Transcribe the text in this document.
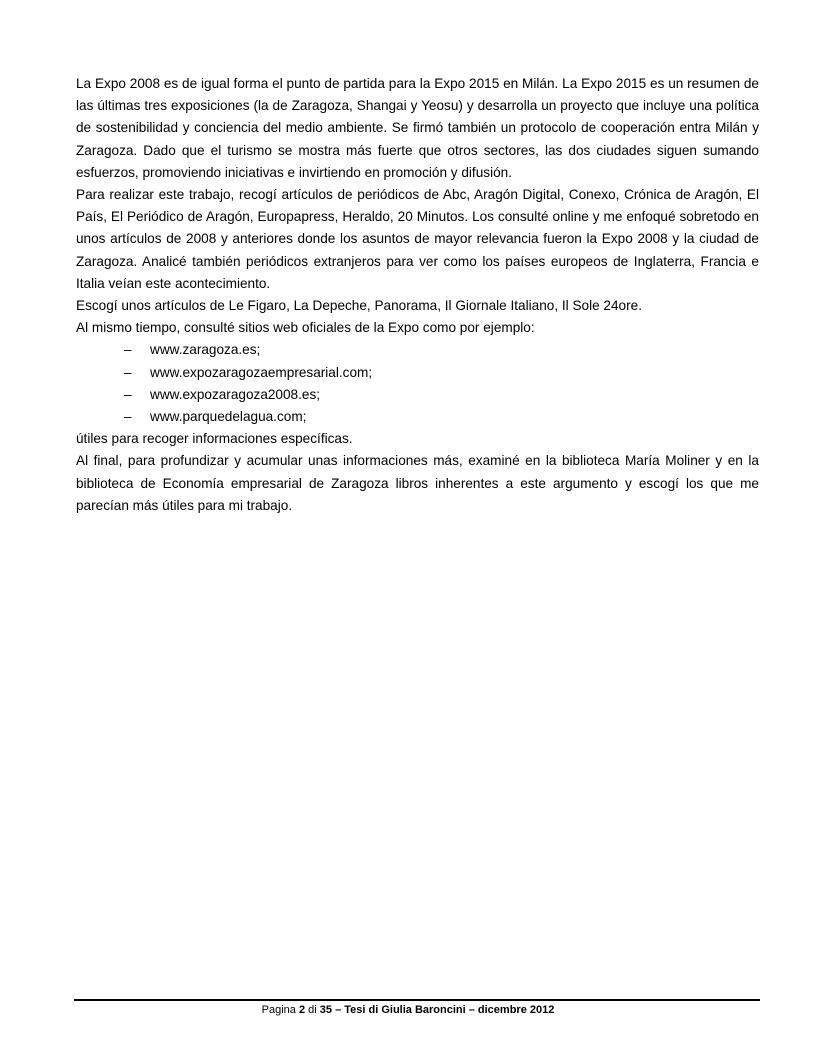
La Expo 2008 es de igual forma el punto de partida para la Expo 2015 en Milán. La Expo 2015 es un resumen de las últimas tres exposiciones (la de Zaragoza, Shangai y Yeosu) y desarrolla un proyecto que incluye una política de sostenibilidad y conciencia del medio ambiente. Se firmó también un protocolo de cooperación entra Milán y Zaragoza. Dado que el turismo se mostra más fuerte que otros sectores, las dos ciudades siguen sumando esfuerzos, promoviendo iniciativas e invirtiendo en promoción y difusión.

Para realizar este trabajo, recogí artículos de periódicos de Abc, Aragón Digital, Conexo, Crónica de Aragón, El País, El Periódico de Aragón, Europapress, Heraldo, 20 Minutos. Los consulté online y me enfoqué sobretodo en unos artículos de 2008 y anteriores donde los asuntos de mayor relevancia fueron la Expo 2008 y la ciudad de Zaragoza. Analicé también periódicos extranjeros para ver como los países europeos de Inglaterra, Francia e Italia veían este acontecimiento.

Escogí unos artículos de Le Figaro, La Depeche, Panorama, Il Giornale Italiano, Il Sole 24ore.

Al mismo tiempo, consulté sitios web oficiales de la Expo como por ejemplo:

– www.zaragoza.es;
– www.expozaragozaempresarial.com;
– www.expozaragoza2008.es;
– www.parquedelagua.com;

útiles para recoger informaciones específicas.

Al final, para profundizar y acumular unas informaciones más, examiné en la biblioteca María Moliner y en la biblioteca de Economía empresarial de Zaragoza libros inherentes a este argumento y escogí los que me parecían más útiles para mi trabajo.

Pagina 2 di 35 – Tesi di Giulia Baroncini – dicembre 2012
